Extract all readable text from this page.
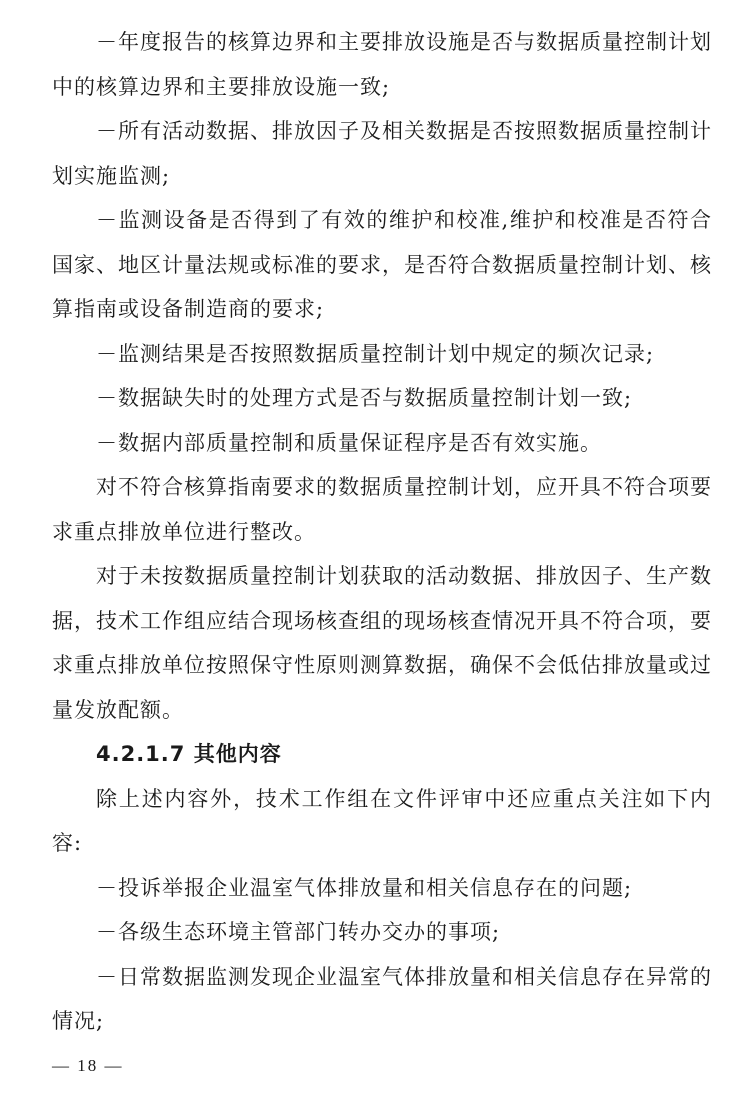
－年度报告的核算边界和主要排放设施是否与数据质量控制计划中的核算边界和主要排放设施一致;

－所有活动数据、排放因子及相关数据是否按照数据质量控制计划实施监测;

－监测设备是否得到了有效的维护和校准,维护和校准是否符合国家、地区计量法规或标准的要求，是否符合数据质量控制计划、核算指南或设备制造商的要求;

－监测结果是否按照数据质量控制计划中规定的频次记录;

－数据缺失时的处理方式是否与数据质量控制计划一致;

－数据内部质量控制和质量保证程序是否有效实施。

对不符合核算指南要求的数据质量控制计划，应开具不符合项要求重点排放单位进行整改。

对于未按数据质量控制计划获取的活动数据、排放因子、生产数据，技术工作组应结合现场核查组的现场核查情况开具不符合项，要求重点排放单位按照保守性原则测算数据，确保不会低估排放量或过量发放配额。

4.2.1.7 其他内容

除上述内容外，技术工作组在文件评审中还应重点关注如下内容:

－投诉举报企业温室气体排放量和相关信息存在的问题;

－各级生态环境主管部门转办交办的事项;

－日常数据监测发现企业温室气体排放量和相关信息存在异常的情况;

— 18 —
